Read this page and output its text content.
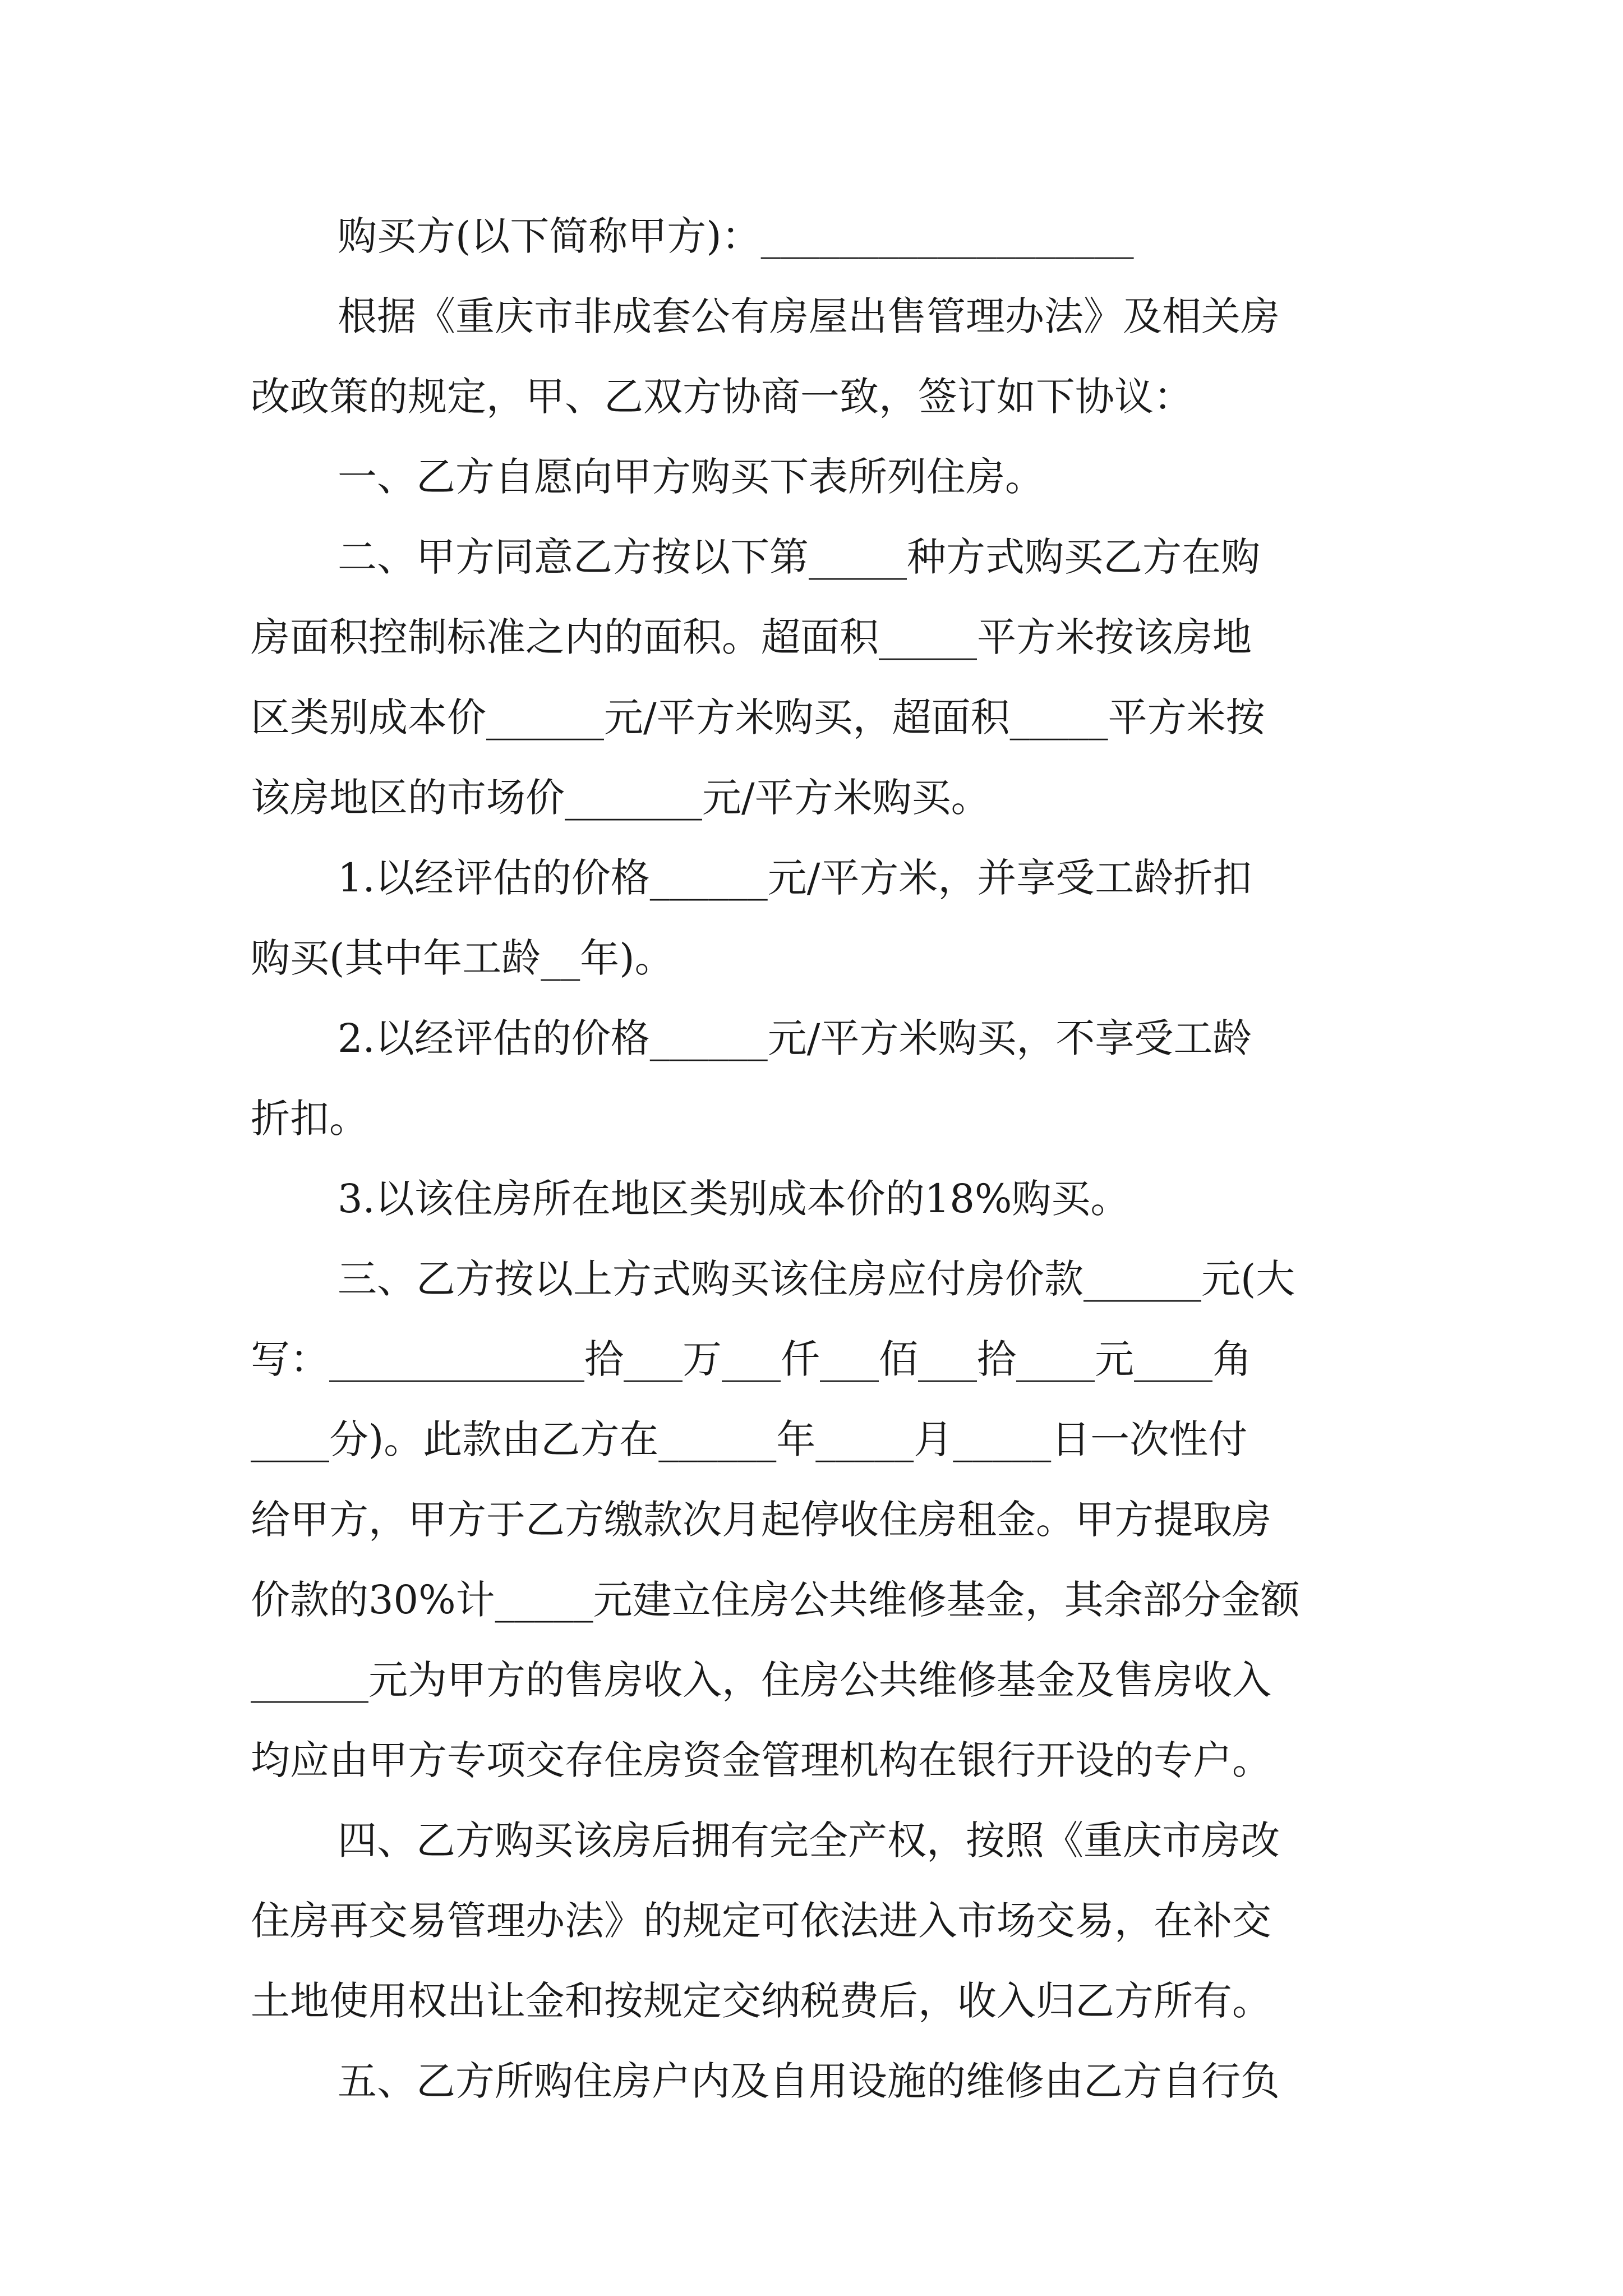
购买方(以下简称甲方)：___________________
根据《重庆市非成套公有房屋出售管理办法》及相关房
改政策的规定，甲、乙双方协商一致，签订如下协议：
一、乙方自愿向甲方购买下表所列住房。
二、甲方同意乙方按以下第_____种方式购买乙方在购
房面积控制标准之内的面积。超面积_____平方米按该房地
区类别成本价______元/平方米购买，超面积_____平方米按
该房地区的市场价_______元/平方米购买。
1.以经评估的价格______元/平方米，并享受工龄折扣
购买(其中年工龄__年)。
2.以经评估的价格______元/平方米购买，不享受工龄
折扣。
3.以该住房所在地区类别成本价的18%购买。
三、乙方按以上方式购买该住房应付房价款______元(大
写：_____________拾___万___仟___佰___拾____元____角
____分)。此款由乙方在______年_____月_____日一次性付
给甲方，甲方于乙方缴款次月起停收住房租金。甲方提取房
价款的30%计_____元建立住房公共维修基金，其余部分金额
______元为甲方的售房收入，住房公共维修基金及售房收入
均应由甲方专项交存住房资金管理机构在银行开设的专户。
四、乙方购买该房后拥有完全产权，按照《重庆市房改
住房再交易管理办法》的规定可依法进入市场交易，在补交
土地使用权出让金和按规定交纳税费后，收入归乙方所有。
五、乙方所购住房户内及自用设施的维修由乙方自行负
